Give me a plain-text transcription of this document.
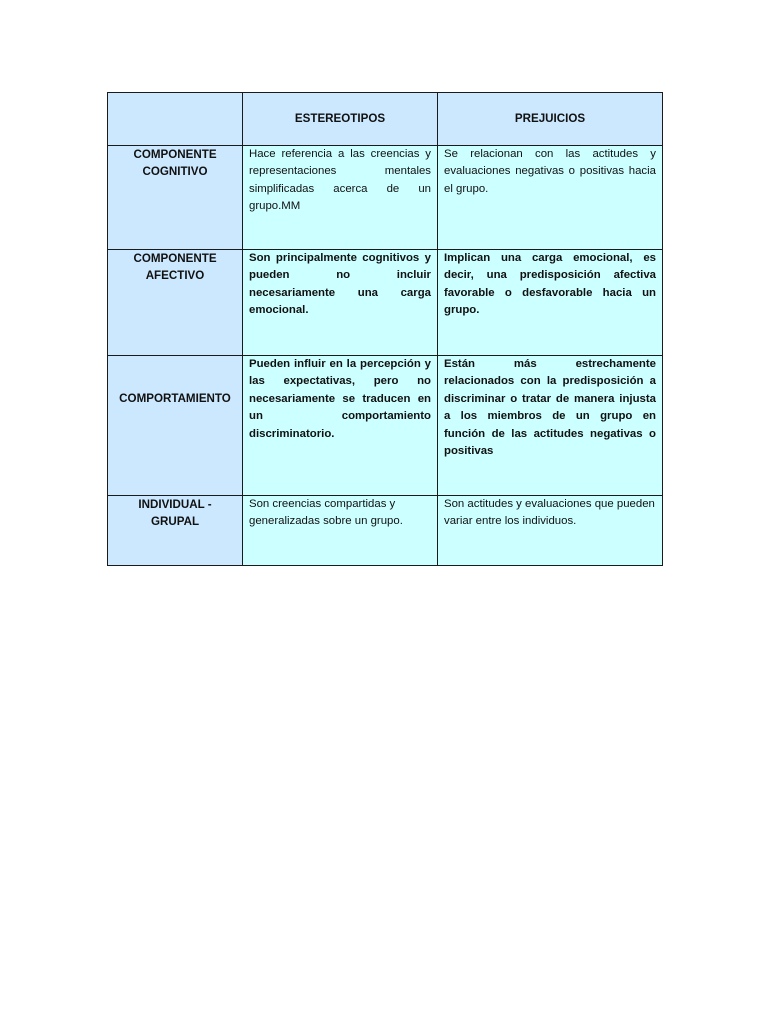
	ESTEREOTIPOS	PREJUICIOS
COMPONENTE COGNITIVO	Hace referencia a las creencias y representaciones mentales simplificadas acerca de un grupo.MM	Se relacionan con las actitudes y evaluaciones negativas o positivas hacia el grupo.
COMPONENTE AFECTIVO	Son principalmente cognitivos y pueden no incluir necesariamente una carga emocional.	Implican una carga emocional, es decir, una predisposición afectiva favorable o desfavorable hacia un grupo.
COMPORTAMIENTO	Pueden influir en la percepción y las expectativas, pero no necesariamente se traducen en un comportamiento discriminatorio.	Están más estrechamente relacionados con la predisposición a discriminar o tratar de manera injusta a los miembros de un grupo en función de las actitudes negativas o positivas
INDIVIDUAL - GRUPAL	Son creencias compartidas y generalizadas sobre un grupo.	Son actitudes y evaluaciones que pueden variar entre los individuos.
